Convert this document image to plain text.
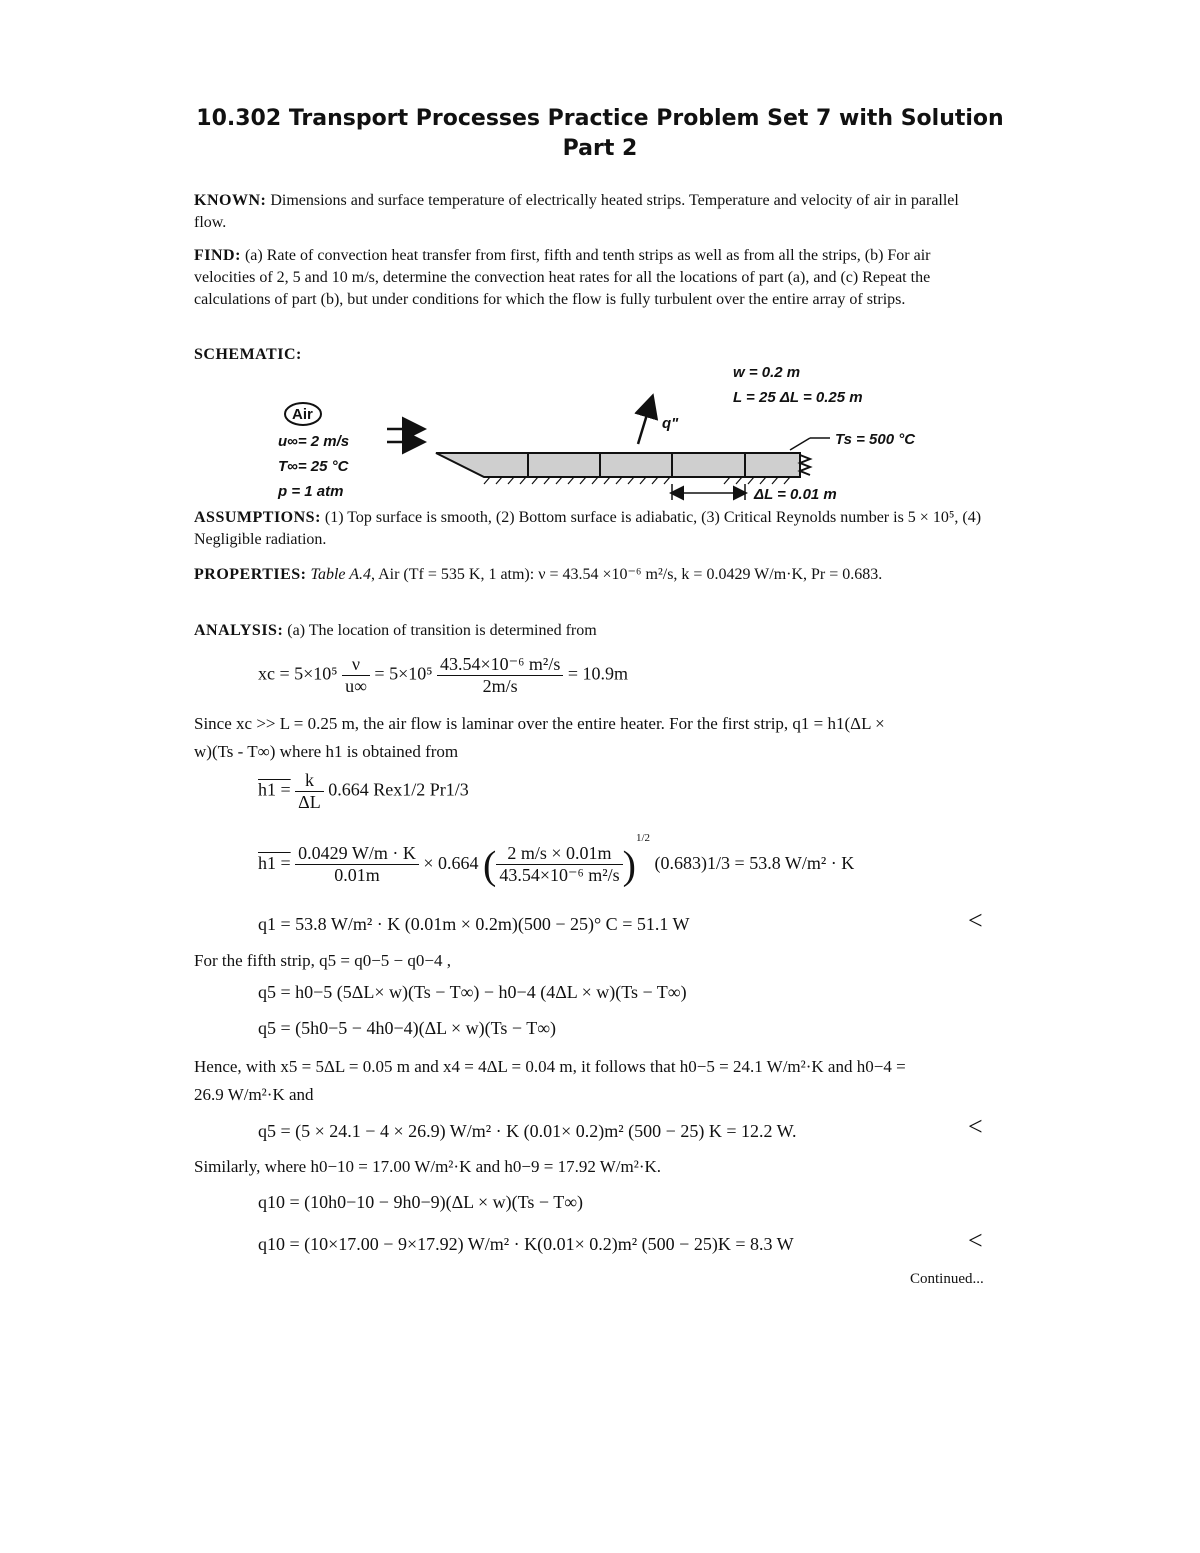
10.302 Transport Processes Practice Problem Set 7 with Solution
Part 2

KNOWN: Dimensions and surface temperature of electrically heated strips. Temperature and velocity of air in parallel flow.

FIND: (a) Rate of convection heat transfer from first, fifth and tenth strips as well as from all the strips, (b) For air velocities of 2, 5 and 10 m/s, determine the convection heat rates for all the locations of part (a), and (c) Repeat the calculations of part (b), but under conditions for which the flow is fully turbulent over the entire array of strips.

SCHEMATIC:

Air
u∞= 2 m/s
T∞= 25 °C
p = 1 atm
q"
w = 0.2 m
L = 25 ΔL = 0.25 m
Ts = 500 °C
ΔL = 0.01 m

ASSUMPTIONS: (1) Top surface is smooth, (2) Bottom surface is adiabatic, (3) Critical Reynolds number is 5 × 10⁵, (4) Negligible radiation.

PROPERTIES: Table A.4, Air (Tf = 535 K, 1 atm): ν = 43.54 ×10⁻⁶ m²/s, k = 0.0429 W/m·K, Pr = 0.683.

ANALYSIS: (a) The location of transition is determined from

xc = $5\times 10^5 \frac{\nu}{u\infty} = 5\times 10^5 \frac{\text{43.54×10⁻⁶ m²/s}}{2m/s} = 10.9m$

Since xc >> L = 0.25 m, the air flow is laminar over the entire heater. For the first strip, q1 = h1(ΔL ×

w)(Ts - T∞) where h1 is obtained from

$h1 = \frac{k}{\Delta L} 0.664$ Rex1/2 Pr1/3
$h1 = \frac{0.0429 W/m \cdot K}{0.01m} \times 0.664$ ( $\frac{2 m/s \times 0.01m}{\text{43.54×10⁻⁶ m²/s}} )^{1/2}$ (0.683)1/3 = 53.8 W/m² · K
q1 = 53.8 W/m² · K (0.01m × 0.2m)(500 − 25)° C = 51.1 W	<

For the fifth strip, q5 = q0−5 − q0−4 ,

q5 = h0−5 (5ΔL× w)(Ts − T∞) − h0−4 (4ΔL × w)(Ts − T∞)
q5 = (5h0−5 − 4h0−4)(ΔL × w)(Ts − T∞)

Hence, with x5 = 5ΔL = 0.05 m and x4 = 4ΔL = 0.04 m, it follows that h0−5 = 24.1 W/m²·K and h0−4 =

26.9 W/m²·K and

q5 = (5 × 24.1 − 4 × 26.9) W/m² · K (0.01× 0.2)m² (500 − 25) K = 12.2 W.	<

Similarly, where h0−10 = 17.00 W/m²·K and h0−9 = 17.92 W/m²·K.

q10 = (10h0−10 − 9h0−9)(ΔL × w)(Ts − T∞)
q10 = (10×17.00 − 9×17.92) W/m² · K(0.01× 0.2)m² (500 − 25)K = 8.3 W	<

Continued...
